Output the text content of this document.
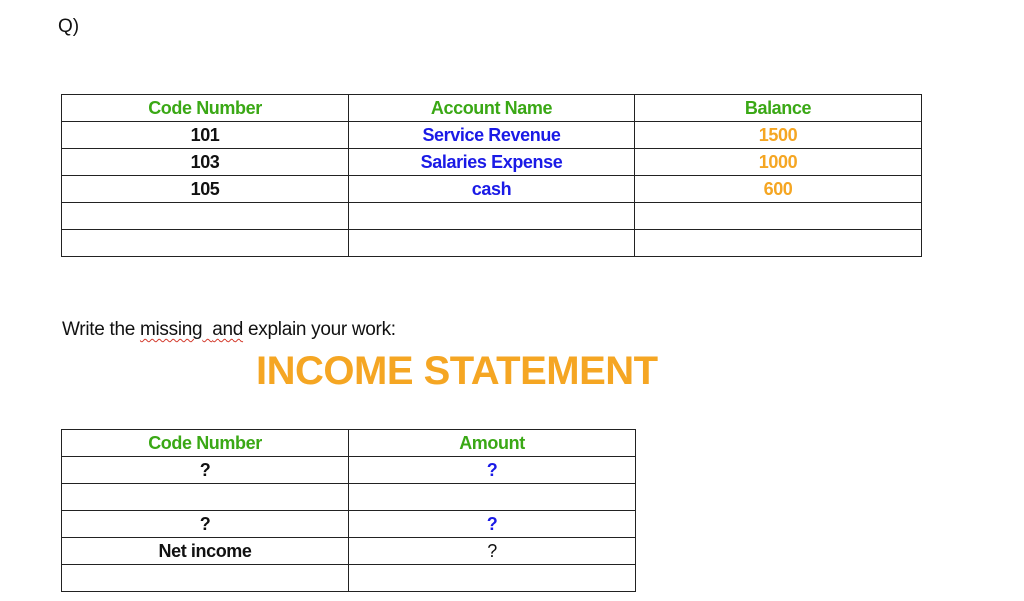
Q)
Code Number	Account Name	Balance
101	Service Revenue	1500
103	Salaries Expense	1000
105	cash	600

Write the missing and explain your work:
INCOME STATEMENT
Code Number	Amount
?	?

?	?
Net income	?
